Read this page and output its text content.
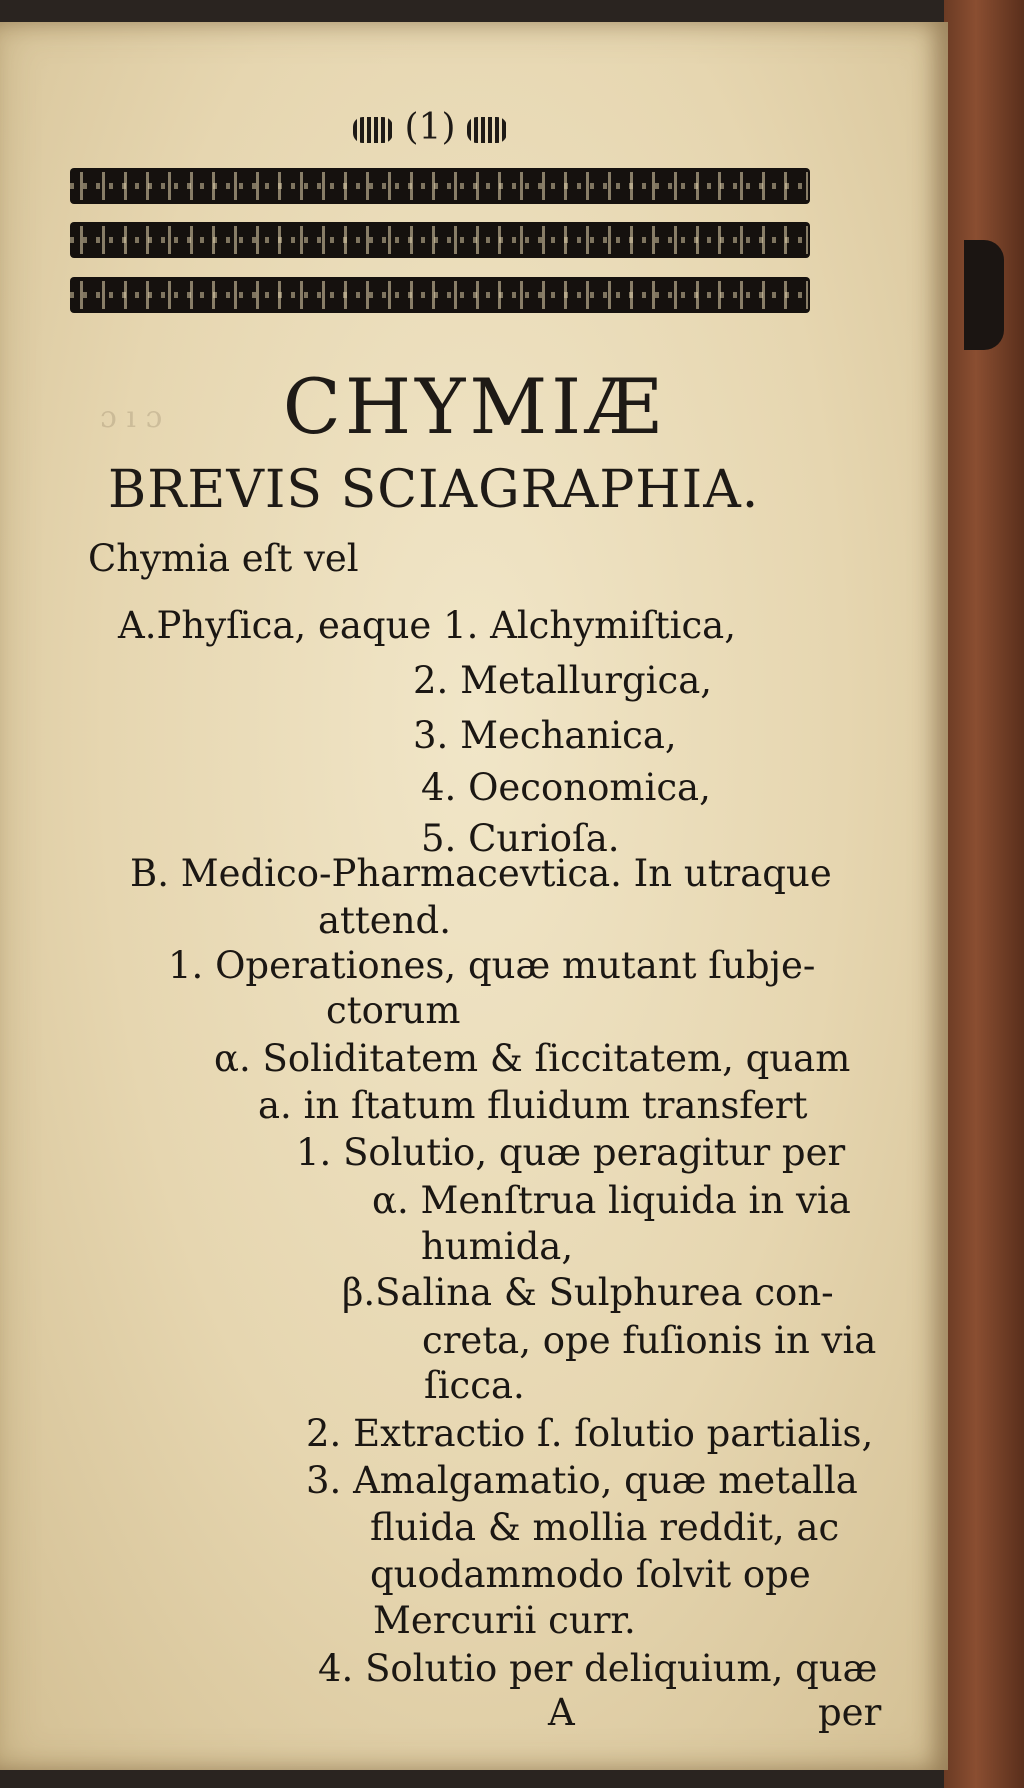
(1)
ɔ ı ɔ	CHYMIÆ
BREVIS SCIAGRAPHIA.
Chymia eſt vel
A.Phyſica, eaque 1. Alchymiſtica,
2. Metallurgica,
3. Mechanica,
4. Oeconomica,
5. Curioſa.
B. Medico-Pharmacevtica. In utraque
attend.
1. Operationes, quæ mutant ſubje-
ctorum
α. Soliditatem & ſiccitatem, quam
a. in ſtatum fluidum transfert
1. Solutio, quæ peragitur per
α. Menſtrua liquida in via
humida,
β.Salina & Sulphurea con-
creta, ope fuſionis in via
ſicca.
2. Extractio ſ. ſolutio partialis,
3. Amalgamatio, quæ metalla
fluida & mollia reddit, ac
quodammodo ſolvit ope
Mercurii curr.
4. Solutio per deliquium, quæ
A	per
